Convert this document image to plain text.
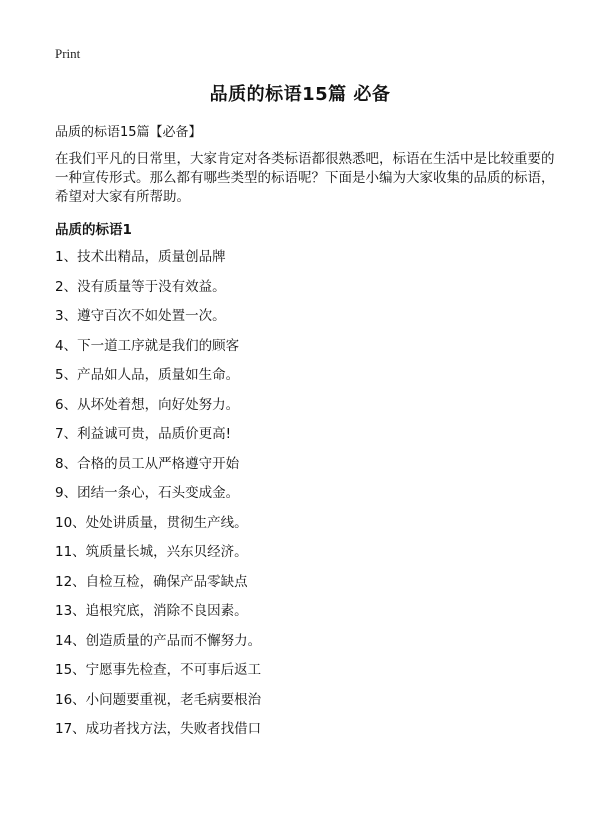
Print
品质的标语15篇 必备
品质的标语15篇【必备】

在我们平凡的日常里，大家肯定对各类标语都很熟悉吧，标语在生活中是比较重要的一种宣传形式。那么都有哪些类型的标语呢？下面是小编为大家收集的品质的标语，希望对大家有所帮助。

品质的标语1
1、技术出精品，质量创品牌
2、没有质量等于没有效益。
3、遵守百次不如处置一次。
4、下一道工序就是我们的顾客
5、产品如人品，质量如生命。
6、从坏处着想，向好处努力。
7、利益诚可贵，品质价更高!
8、合格的员工从严格遵守开始
9、团结一条心，石头变成金。
10、处处讲质量，贯彻生产线。
11、筑质量长城，兴东贝经济。
12、自检互检，确保产品零缺点
13、追根究底，消除不良因素。
14、创造质量的产品而不懈努力。
15、宁愿事先检查，不可事后返工
16、小问题要重视，老毛病要根治
17、成功者找方法，失败者找借口
